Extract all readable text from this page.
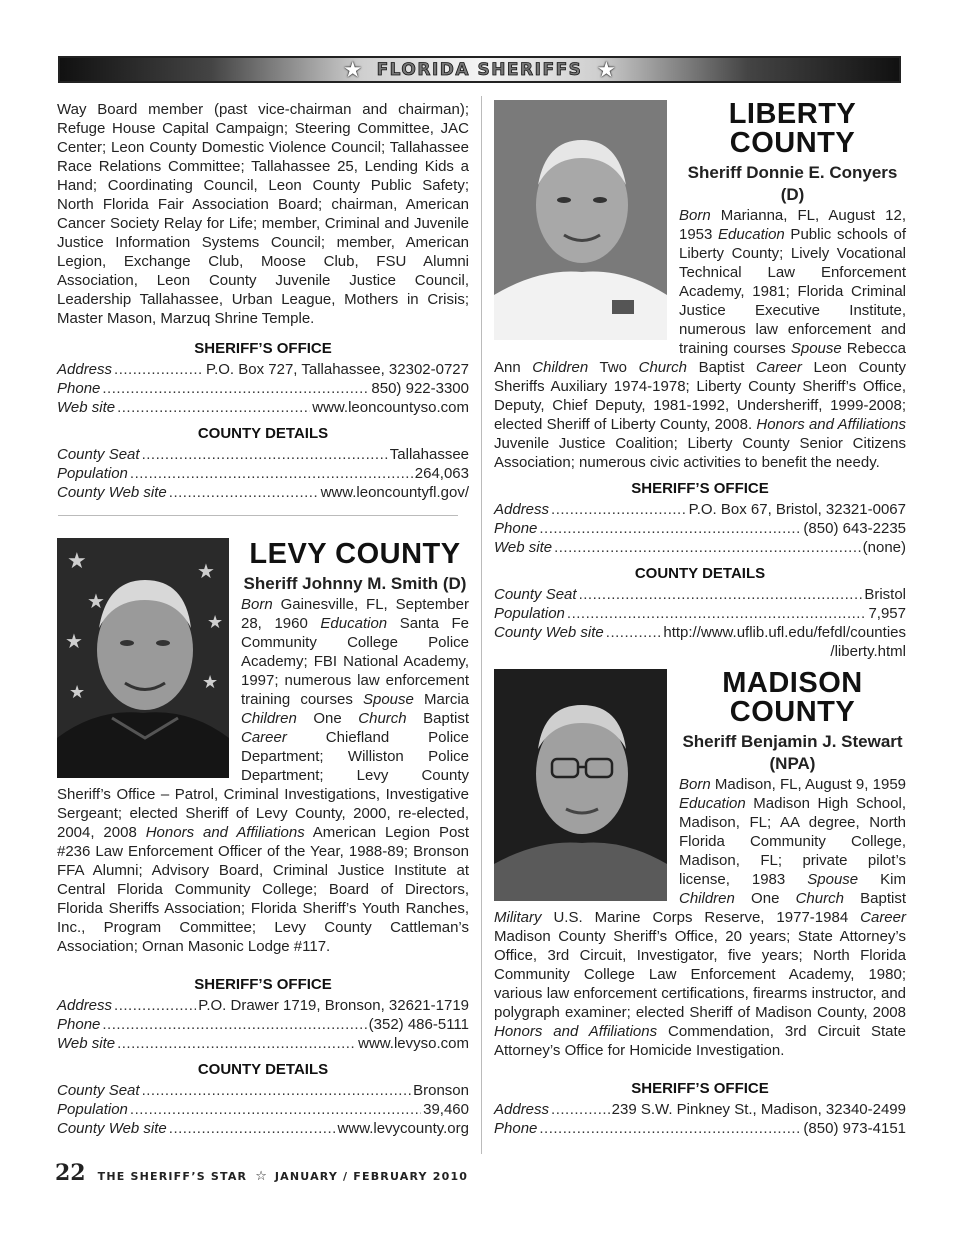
★ FLORIDA SHERIFFS ★

Way Board member (past vice-chairman and chairman); Refuge House Capital Campaign; Steering Committee, JAC Center; Leon County Domestic Violence Council; Tallahassee Race Relations Committee; Tallahassee 25, Lending Kids a Hand; Coordinating Council, Leon County Public Safety; North Florida Fair Association Board; chairman, American Cancer Society Relay for Life; member, Criminal and Juvenile Justice Information Systems Council; member, American Legion, Exchange Club, Moose Club, FSU Alumni Association, Leon County Juvenile Justice Council, Leadership Tallahassee, Urban League, Mothers in Crisis; Master Mason, Marzuq Shrine Temple.

SHERIFF’S OFFICE
Address .....	P.O. Box 727, Tallahassee, 32302-0727
Phone .....	850) 922-3300
Web site .....	www.leoncountyso.com
COUNTY DETAILS
County Seat .....	Tallahassee
Population .....	264,063
County Web site .....	www.leoncountyfl.gov/
★
★
★
★
★
★	★
LEVY COUNTY
Sheriff Johnny M. Smith (D)

Born Gainesville, FL, September 28, 1960 Education Santa Fe Community College Police Academy; FBI National Academy, 1997; numerous law enforcement training courses Spouse Marcia Children One Church Baptist Career Chiefland Police Department; Williston Police Department; Levy County Sheriff’s Office – Patrol, Criminal Investigations, Investigative Sergeant; elected Sheriff of Levy County, 2000, re-elected, 2004, 2008 Honors and Affiliations American Legion Post #236 Law Enforcement Officer of the Year, 1988-89; Bronson FFA Alumni; Advisory Board, Criminal Justice Institute at Central Florida Community College; Board of Directors, Florida Sheriffs Association; Florida Sheriff’s Youth Ranches, Inc., Program Committee; Levy County Cattleman’s Association; Ornan Masonic Lodge #117.

SHERIFF’S OFFICE
Address .....	P.O. Drawer 1719, Bronson, 32621-1719
Phone .....	(352) 486-5111
Web site .....	www.levyso.com
COUNTY DETAILS
County Seat .....	Bronson
Population .....	39,460
County Web site .....	www.levycounty.org
LIBERTY
COUNTY
Sheriff Donnie E. Conyers (D)

Born Marianna, FL, August 12, 1953 Education Public schools of Liberty County; Lively Vocational Technical Law Enforcement Academy, 1981; Florida Criminal Justice Executive Institute, numerous law enforcement and training courses Spouse Rebecca Ann Children Two Church Baptist Career Leon County Sheriffs Auxiliary 1974-1978; Liberty County Sheriff’s Office, Deputy, Chief Deputy, 1981-1992, Undersheriff, 1999-2008; elected Sheriff of Liberty County, 2008. Honors and Affiliations Juvenile Justice Coalition; Liberty County Senior Citizens Association; numerous civic activities to benefit the needy.

SHERIFF’S OFFICE
Address .....	P.O. Box 67, Bristol, 32321-0067
Phone .....	(850) 643-2235
Web site .....	(none)
COUNTY DETAILS
County Seat .....	Bristol
Population .....	7,957
County Web site .....	http://www.uflib.ufl.edu/fefdl/counties
/liberty.html
MADISON
COUNTY
Sheriff Benjamin J. Stewart (NPA)

Born Madison, FL, August 9, 1959 Education Madison High School, Madison, FL; AA degree, North Florida Community College, Madison, FL; private pilot’s license, 1983 Spouse Kim Children One Church Baptist Military U.S. Marine Corps Reserve, 1977-1984 Career Madison County Sheriff’s Office, 20 years; State Attorney’s Office, 3rd Circuit, Investigator, five years; North Florida Community College Law Enforcement Academy, 1980; various law enforcement certifications, firearms instructor, and polygraph examiner; elected Sheriff of Madison County, 2008 Honors and Affiliations Commendation, 3rd Circuit State Attorney’s Office for Homicide Investigation.

SHERIFF’S OFFICE
Address .....	239 S.W. Pinkney St., Madison, 32340-2499
Phone .....	(850) 973-4151
22 THE SHERIFF’S STAR ☆ JANUARY / FEBRUARY 2010
